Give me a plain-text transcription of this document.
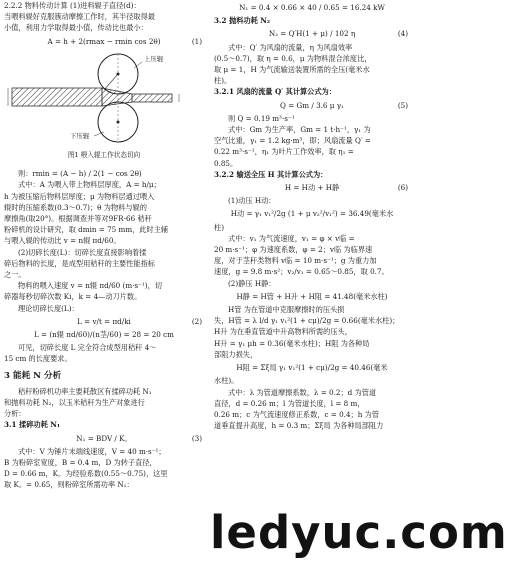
2.2.2 物料传动计算 (1)进料辊子直径(d)：

当喂料辊好克服簇动摩擦工作时，其半径取得最

小值，利用力学取得最小值，传动比也最小：

A = h + 2(rmax − rmin cos 2θ)	(1)
上压辊
下压辊

图1 喂入辊工作状态切向

则：rmin = (A − h) / 2(1 − cos 2θ)

式中：A 为喂入带上物料层厚度，A = h/μ；

h 为被压缩后物料层厚度；μ 为物料层通过喂入

辊时的压缩系数(0.3～0.7)；θ 为物料与辊的

摩擦角(取20°)。根据调查并等对9FR-66 秸秆

粉碎机的设计研究，取 dmin = 75 mm，此时主辅

与喂入辊的传动比 v = n辊 πd/60。

(2)切碎长度(L)：切碎长度直接影响着揉

碎后物料的长度，是成型用秸秆的主要性能指标

之一。

物料的喂入速度 v = n辊 πd/60 (m·s⁻¹)，切

碎器每秒切碎次数 Ki，k = 4—动刀片数。

理论切碎长度(L)：

L = v/t = πd/ki	(2)
L = (n辊 πd/60)/(n茎/60) = 28 = 20 cm

可见，切碎长度 L 完全符合成型用秸秆 4～

15 cm 的长度要求。

3 能耗 N 分析

秸秆粉碎机功率主要耗散区有揉碎功耗 N₁

和抛料功耗 N₂，以玉米秸秆为生产对象进行

分析：

3.1 揉碎功耗 N₁

N₁ = BDV / K。	(3)

式中：V 为锤片末端线速度，V = 40 m·s⁻¹；

B 为粉碎室宽度，B = 0.4 m，D 为转子直径，

D = 0.66 m，K。为经验系数(0.55～0.75)，这里

取 K。= 0.65，则粉碎室所需功率 N₁：

N₁ = 0.4 × 0.66 × 40 / 0.65 = 16.24 kW

3.2 抛料功耗 N₂

N₂ = Q′H(1 + μ) / 102 η	(4)

式中：Q′ 为风扇的流量，η 为风扇效率

(0.5～0.7)，取 η = 0.6，μ 为物料混合浓度比，

取 μ = 1，H 为气流输送装置所需的全压(毫米水

柱)。

3.2.1 风扇的流量 Q′ 其计算公式为：

Q = Gm / 3.6 μ γ₁	(5)

则 Q = 0.19 m³·s⁻¹

式中：Gm 为生产率，Gm = 1 t·h⁻¹，γ₁ 为

空气比重，γ₁ = 1.2 kg·m³，即；风扇流量 Q′ =

0.22 m³·s⁻¹，η₁ 为叶片工作效率，取 η₁ =

0.85。

3.2.2 输送全压 H 其计算公式为：

H = H动 + H静	(6)

(1)动压 H动：

H动 = γ₁ v₁²/2g (1 + μ v₂²/v₁²) = 36.49(毫米水

柱)

式中：v₁ 为气流速度，v₁ = φ × v临 =

20 m·s⁻¹；φ 为速度系数，φ = 2；v临 为临界速

度，对于茎秆类物料 v临 = 10 m·s⁻¹；g 为重力加

速度，g = 9.8 m·s²；v₂/v₁ = 0.65～0.85，取 0.7。

(2)静压 H静：

H静 = H管 + H升 + H阻 = 41.48(毫米水柱)

H管 为在管道中克服摩擦时的压头损

失，H管 = λ l/d γ₁ v₁²(1 + cμ)/2g = 0.66(毫米水柱)；

H升 为在垂直管道中升高物料所需的压头，

H升 = γ₁ μh = 0.36(毫米水柱)；H阻 为各种局

部阻力损失，

H阻 = Σξ局 γ₁ v₁²(1 + cμ)/2g = 40.46(毫米

水柱)。

式中：λ 为管道摩擦系数，λ = 0.2；d 为管道

直径，d = 0.26 m；l 为管道长度，l = 8 m，

0.26 m；c 为气流速度修正系数，c = 0.4；h 为管

道垂直提升高度，h = 0.3 m；Σξ局 为各种局部阻力

ledyuc.com
